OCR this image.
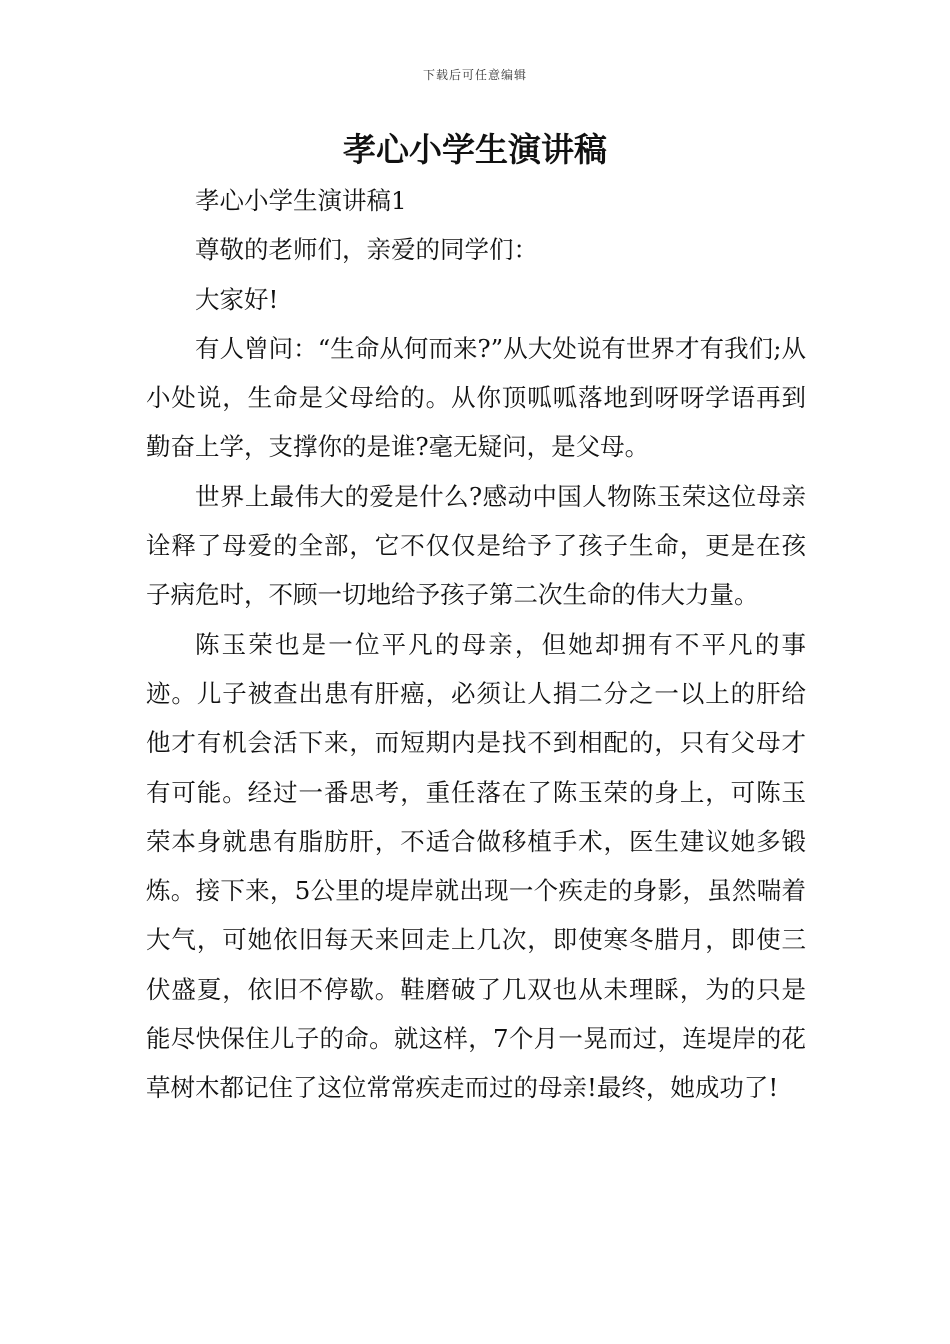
下载后可任意编辑
孝心小学生演讲稿

孝心小学生演讲稿1

尊敬的老师们，亲爱的同学们：

大家好!

有人曾问：“生命从何而来?”从大处说有世界才有我们;从小处说，生命是父母给的。从你顶呱呱落地到呀呀学语再到勤奋上学，支撑你的是谁?毫无疑问，是父母。

世界上最伟大的爱是什么?感动中国人物陈玉荣这位母亲诠释了母爱的全部，它不仅仅是给予了孩子生命，更是在孩子病危时，不顾一切地给予孩子第二次生命的伟大力量。

陈玉荣也是一位平凡的母亲，但她却拥有不平凡的事迹。儿子被查出患有肝癌，必须让人捐二分之一以上的肝给他才有机会活下来，而短期内是找不到相配的，只有父母才有可能。经过一番思考，重任落在了陈玉荣的身上，可陈玉荣本身就患有脂肪肝，不适合做移植手术，医生建议她多锻炼。接下来，5公里的堤岸就出现一个疾走的身影，虽然喘着大气，可她依旧每天来回走上几次，即使寒冬腊月，即使三伏盛夏，依旧不停歇。鞋磨破了几双也从未理睬，为的只是能尽快保住儿子的命。就这样，7个月一晃而过，连堤岸的花草树木都记住了这位常常疾走而过的母亲!最终，她成功了!
